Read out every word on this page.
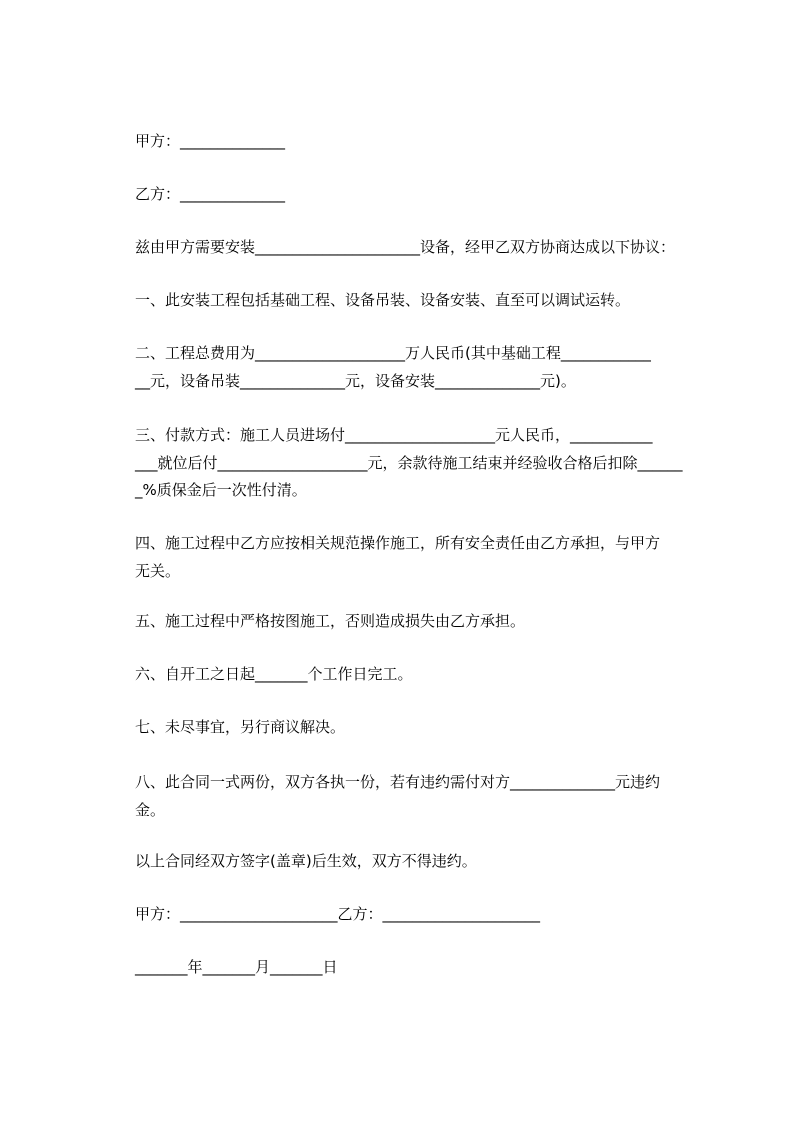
甲方：______________
乙方：______________
兹由甲方需要安装______________________设备，经甲乙双方协商达成以下协议：
一、此安装工程包括基础工程、设备吊装、设备安装、直至可以调试运转。
二、工程总费用为____________________万人民币(其中基础工程____________
__元，设备吊装______________元，设备安装______________元)。
三、付款方式：施工人员进场付____________________元人民币，___________
___就位后付____________________元，余款待施工结束并经验收合格后扣除______
_%质保金后一次性付清。
四、施工过程中乙方应按相关规范操作施工，所有安全责任由乙方承担，与甲方
无关。
五、施工过程中严格按图施工，否则造成损失由乙方承担。
六、自开工之日起_______个工作日完工。
七、未尽事宜，另行商议解决。
八、此合同一式两份，双方各执一份，若有违约需付对方______________元违约
金。
以上合同经双方签字(盖章)后生效，双方不得违约。
甲方：_____________________乙方：_____________________
_______年_______月_______日
